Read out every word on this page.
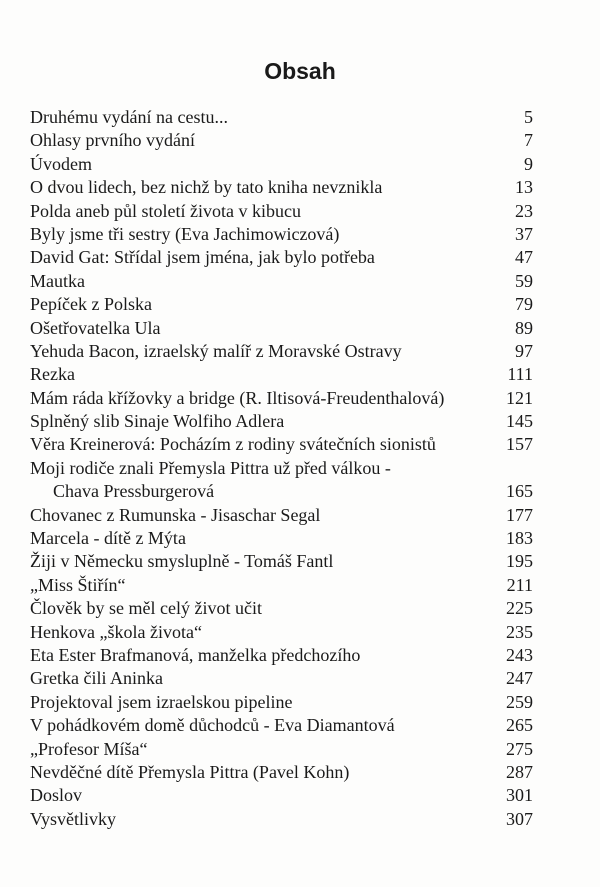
Obsah
Druhému vydání na cestu...	5
Ohlasy prvního vydání	7
Úvodem	9
O dvou lidech, bez nichž by tato kniha nevznikla	13
Polda aneb půl století života v kibucu	23
Byly jsme tři sestry (Eva Jachimowiczová)	37
David Gat: Střídal jsem jména, jak bylo potřeba	47
Mautka	59
Pepíček z Polska	79
Ošetřovatelka Ula	89
Yehuda Bacon, izraelský malíř z Moravské Ostravy	97
Rezka	111
Mám ráda křížovky a bridge (R. Iltisová-Freudenthalová)	121
Splněný slib Sinaje Wolfiho Adlera	145
Věra Kreinerová: Pocházím z rodiny svátečních sionistů	157
Moji rodiče znali Přemysla Pittra už před válkou -
Chava Pressburgerová	165
Chovanec z Rumunska - Jisaschar Segal	177
Marcela - dítě z Mýta	183
Žiji v Německu smysluplně - Tomáš Fantl	195
„Miss Štiřín“	211
Člověk by se měl celý život učit	225
Henkova „škola života“	235
Eta Ester Brafmanová, manželka předchozího	243
Gretka čili Aninka	247
Projektoval jsem izraelskou pipeline	259
V pohádkovém domě důchodců - Eva Diamantová	265
„Profesor Míša“	275
Nevděčné dítě Přemysla Pittra (Pavel Kohn)	287
Doslov	301
Vysvětlivky	307
